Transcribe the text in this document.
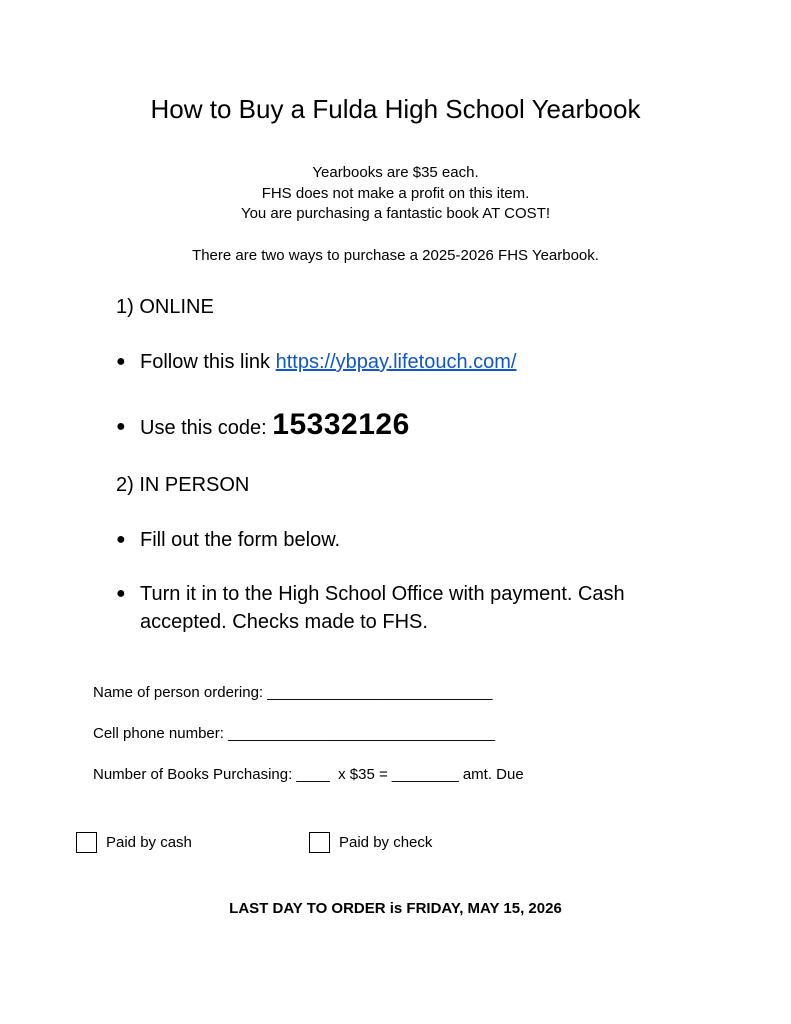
How to Buy a Fulda High School Yearbook
Yearbooks are $35 each.
FHS does not make a profit on this item.
You are purchasing a fantastic book AT COST!
There are two ways to purchase a 2025-2026 FHS Yearbook.
1) ONLINE
● Follow this link https://ybpay.lifetouch.com/
● Use this code: 15332126
2) IN PERSON
● Fill out the form below.
● Turn it in to the High School Office with payment. Cash accepted. Checks made to FHS.
Name of person ordering: ___________________________
Cell phone number: ________________________________
Number of Books Purchasing: ____  x $35 = ________ amt. Due
Paid by cash	Paid by check
LAST DAY TO ORDER is FRIDAY, MAY 15, 2026
